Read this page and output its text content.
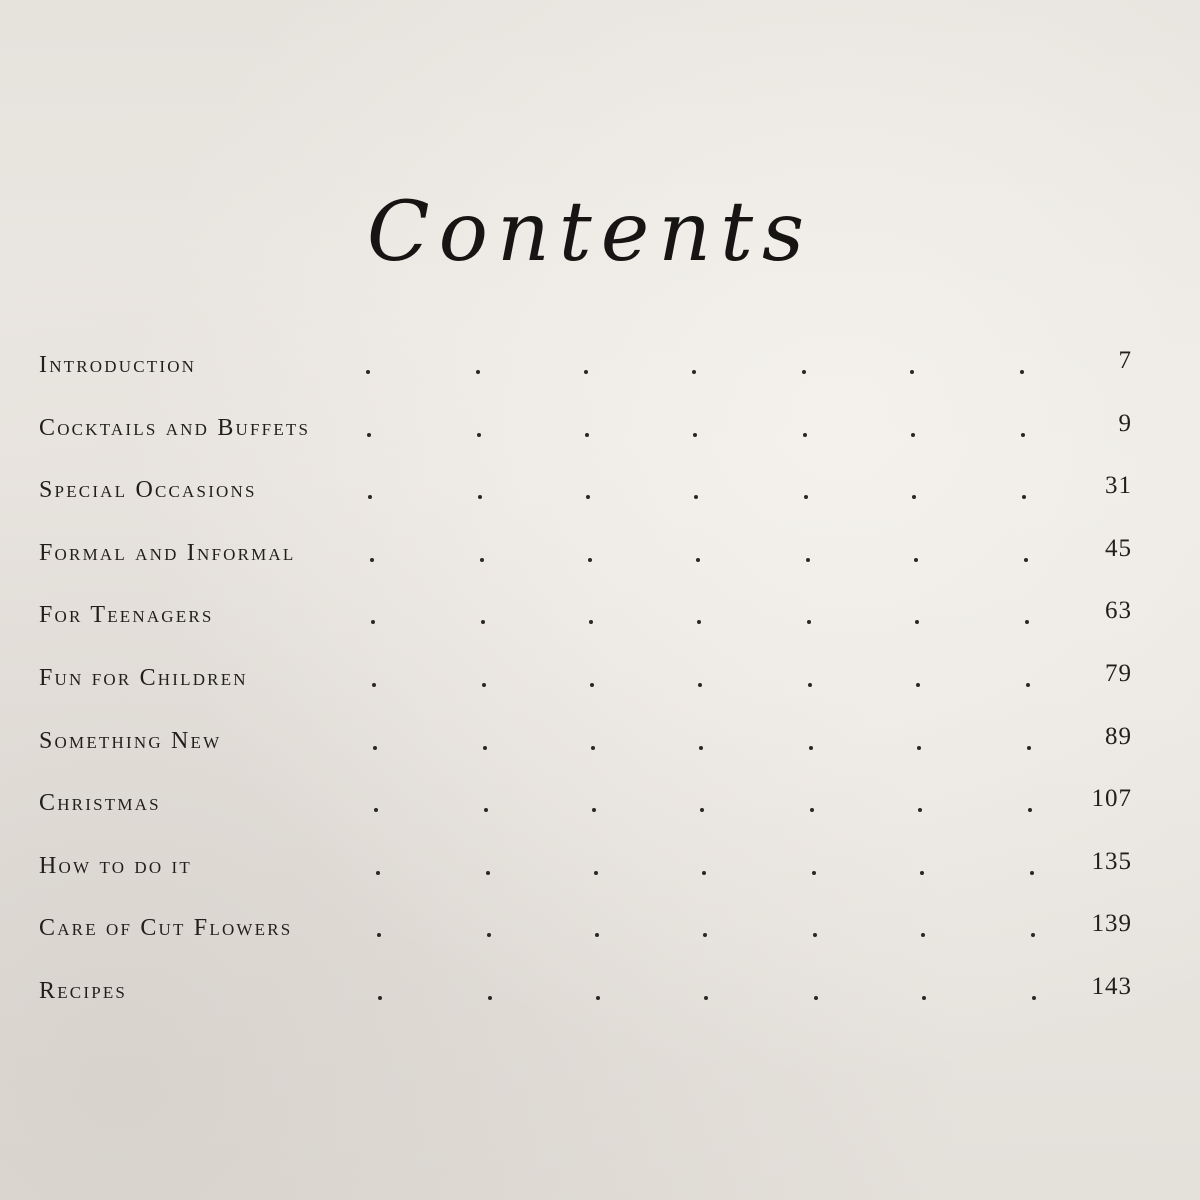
Contents
Introduction	7
Cocktails and Buffets	9
Special Occasions	31
Formal and Informal	45
For Teenagers	63
Fun for Children	79
Something New	89
Christmas	107
How to do it	135
Care of Cut Flowers	139
Recipes	143
